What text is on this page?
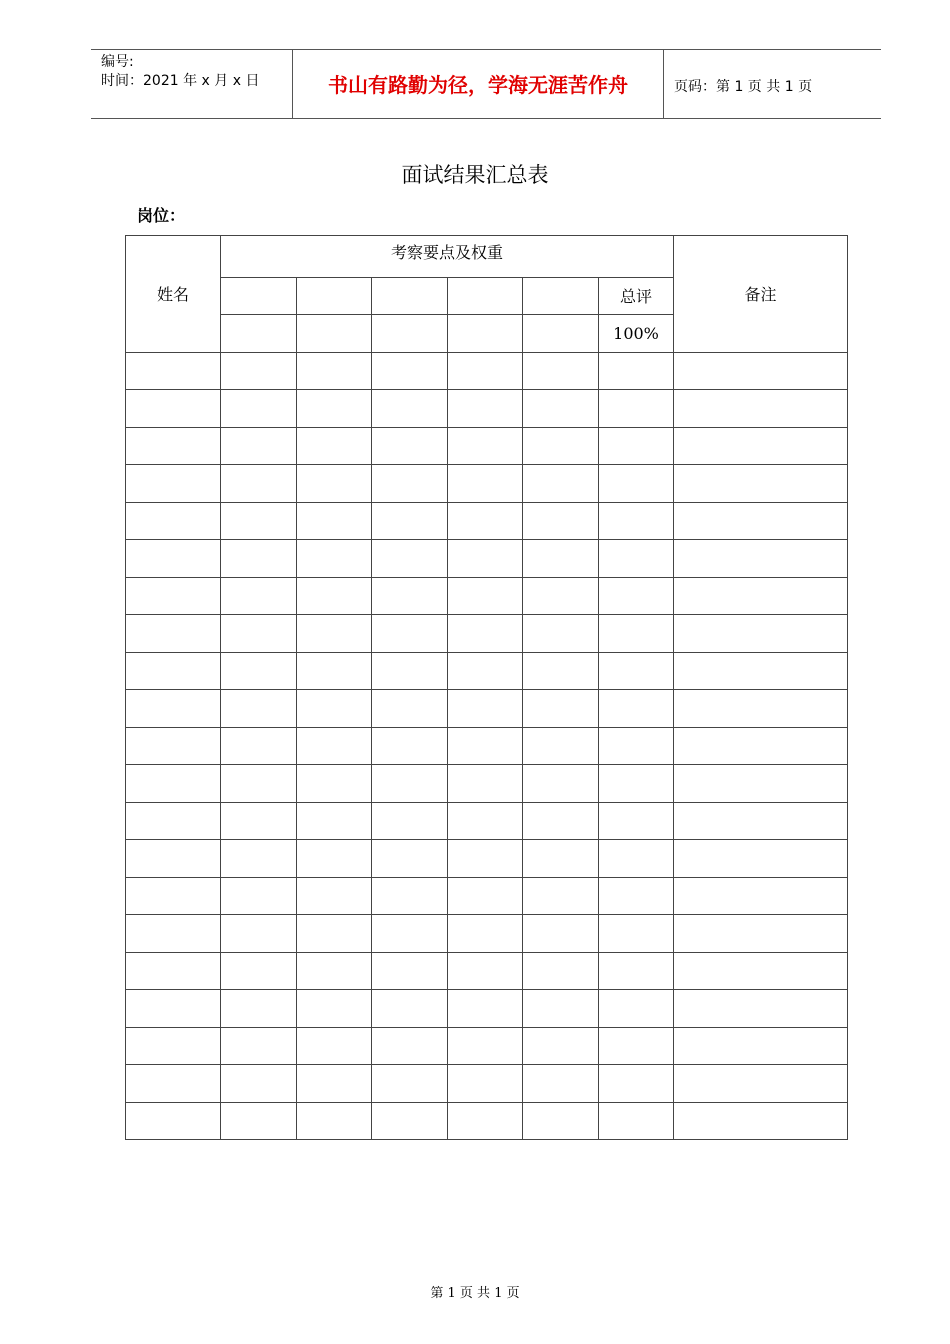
编号:
时间：2021 年 x 月 x 日	书山有路勤为径，学海无涯苦作舟	页码：第 1 页 共 1 页
面试结果汇总表
岗位：
姓名	考察要点及权重						备注
						总评	
						100%	

第 1 页 共 1 页
